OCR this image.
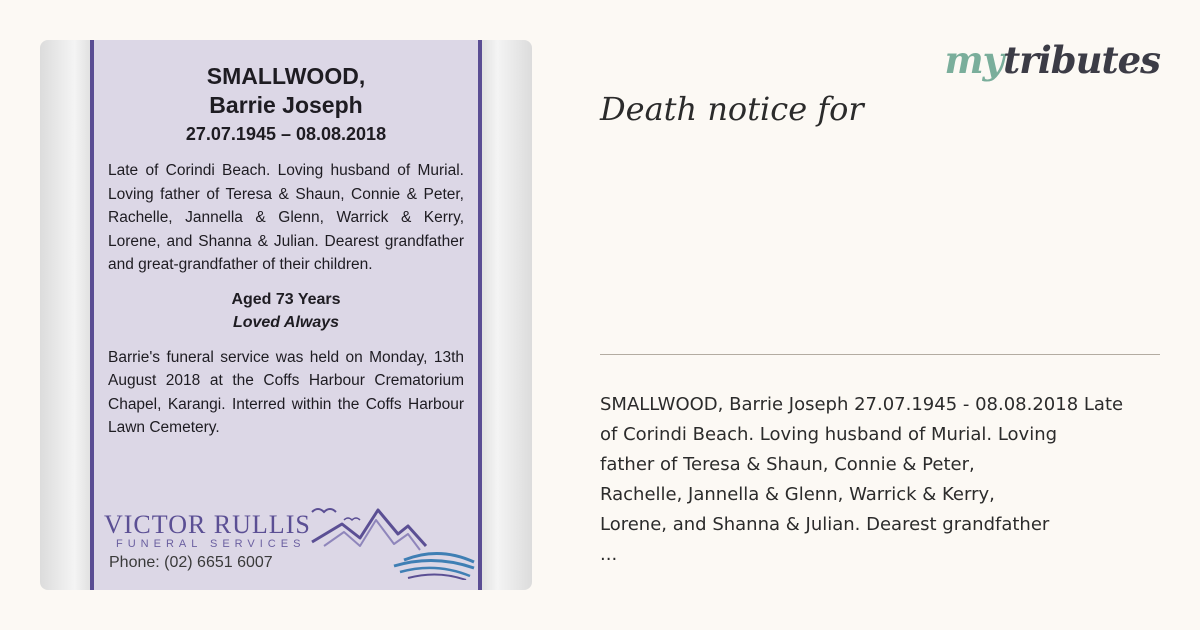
SMALLWOOD,
Barrie Joseph
27.07.1945 – 08.08.2018
Late of Corindi Beach. Loving husband of Murial. Loving father of Teresa & Shaun, Connie & Peter, Rachelle, Jannella & Glenn, Warrick & Kerry, Lorene, and Shanna & Julian. Dearest grandfather and great-grandfather of their children.
Aged 73 Years
Loved Always
Barrie's funeral service was held on Monday, 13th August 2018 at the Coffs Harbour Crematorium Chapel, Karangi. Interred within the Coffs Harbour Lawn Cemetery.
VICTOR RULLIS
FUNERAL SERVICES
Phone: (02) 6651 6007
mytributes
Death notice for
SMALLWOOD, Barrie Joseph 27.07.1945 - 08.08.2018 Late
of Corindi Beach. Loving husband of Murial. Loving
father of Teresa & Shaun, Connie & Peter,
Rachelle, Jannella & Glenn, Warrick & Kerry,
Lorene, and Shanna & Julian. Dearest grandfather
...
